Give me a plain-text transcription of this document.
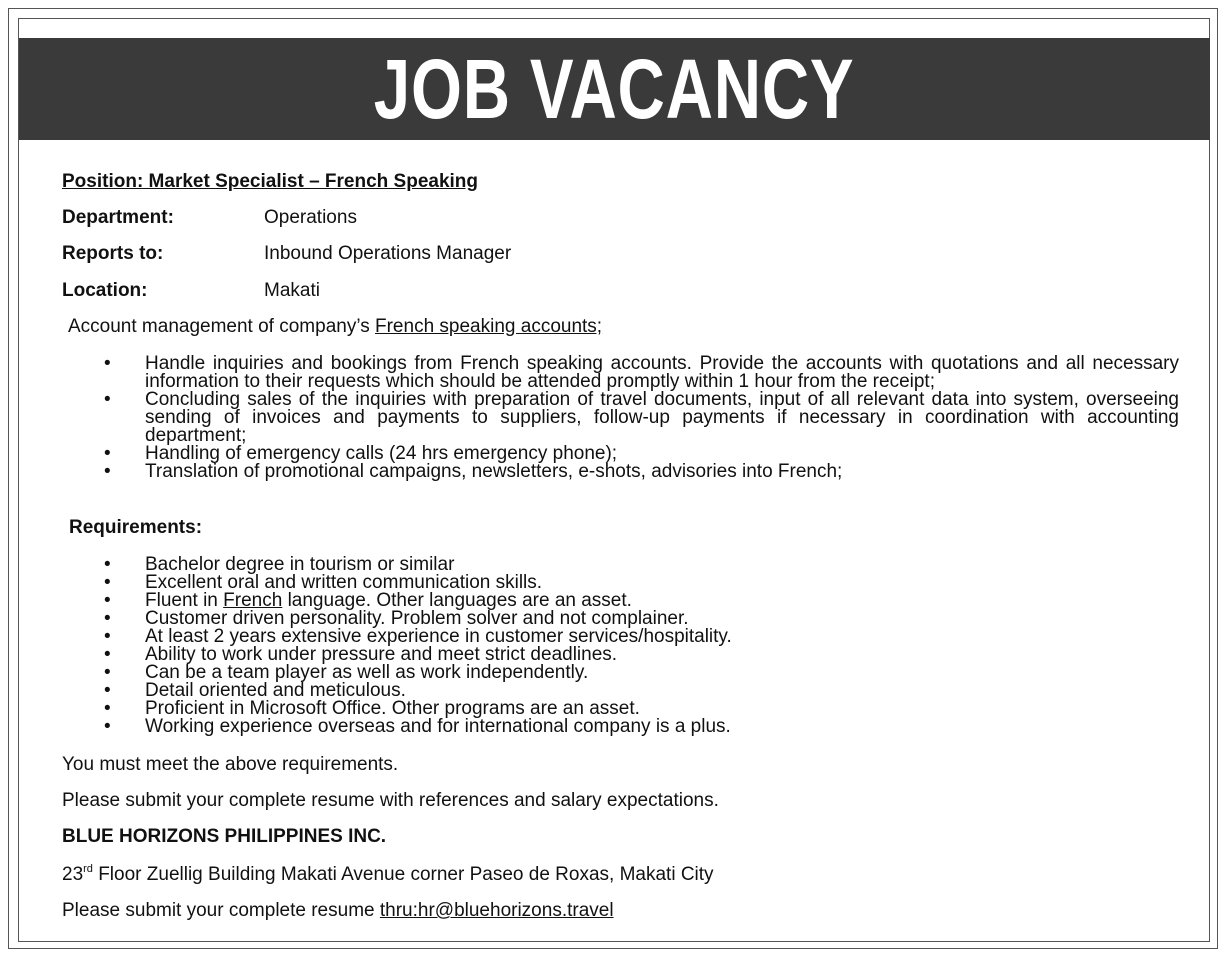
JOB VACANCY
Position: Market Specialist – French Speaking
Department:	Operations
Reports to:	Inbound Operations Manager
Location:	Makati
Account management of company’s French speaking accounts;
• Handle inquiries and bookings from French speaking accounts. Provide the accounts with quotations and all necessary information to their requests which should be attended promptly within 1 hour from the receipt;
• Concluding sales of the inquiries with preparation of travel documents, input of all relevant data into system, overseeing sending of invoices and payments to suppliers, follow-up payments if necessary in coordination with accounting department;
• Handling of emergency calls (24 hrs emergency phone);
• Translation of promotional campaigns, newsletters, e-shots, advisories into French;
Requirements:
• Bachelor degree in tourism or similar
• Excellent oral and written communication skills.
• Fluent in French language. Other languages are an asset.
• Customer driven personality. Problem solver and not complainer.
• At least 2 years extensive experience in customer services/hospitality.
• Ability to work under pressure and meet strict deadlines.
• Can be a team player as well as work independently.
• Detail oriented and meticulous.
• Proficient in Microsoft Office. Other programs are an asset.
• Working experience overseas and for international company is a plus.
You must meet the above requirements.
Please submit your complete resume with references and salary expectations.
BLUE HORIZONS PHILIPPINES INC.
23rd Floor Zuellig Building Makati Avenue corner Paseo de Roxas, Makati City
Please submit your complete resume thru:hr@bluehorizons.travel
